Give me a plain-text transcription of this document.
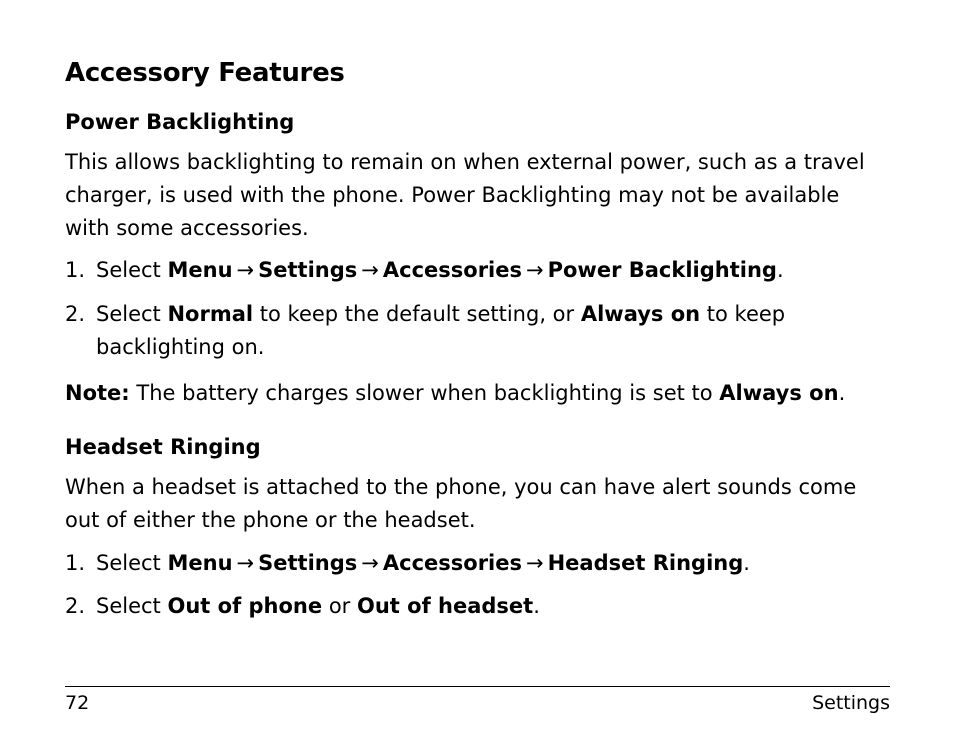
Accessory Features
Power Backlighting

This allows backlighting to remain on when external power, such as a travel charger, is used with the phone. Power Backlighting may not be available with some accessories.

1. Select Menu → Settings → Accessories → Power Backlighting.
2. Select Normal to keep the default setting, or Always on to keep backlighting on.

Note: The battery charges slower when backlighting is set to Always on.

Headset Ringing

When a headset is attached to the phone, you can have alert sounds come out of either the phone or the headset.

1. Select Menu → Settings → Accessories → Headset Ringing.
2. Select Out of phone or Out of headset.
72	Settings
